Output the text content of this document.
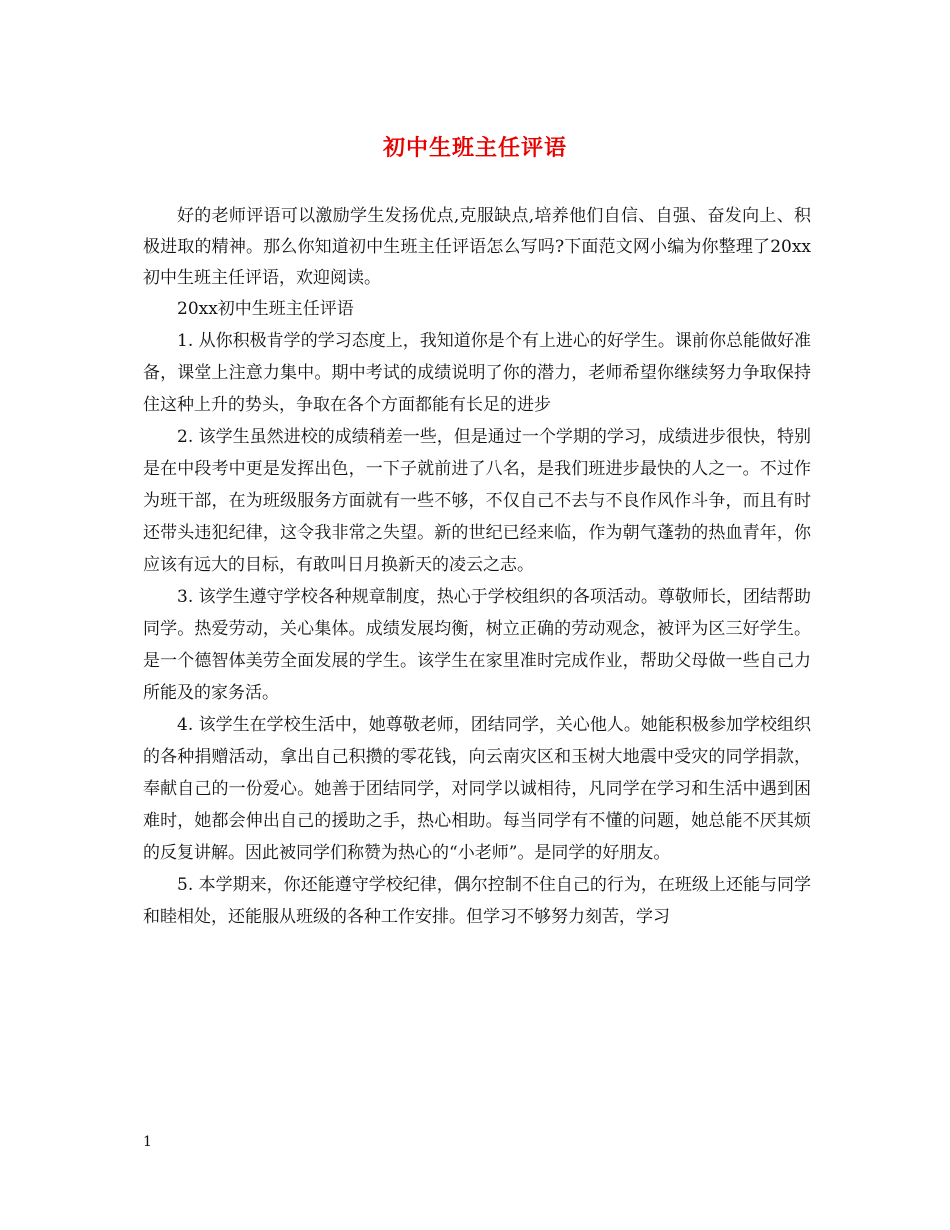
初中生班主任评语

好的老师评语可以激励学生发扬优点,克服缺点,培养他们自信、自强、奋发向上、积极进取的精神。那么你知道初中生班主任评语怎么写吗?下面范文网小编为你整理了20xx初中生班主任评语，欢迎阅读。

20xx初中生班主任评语

1. 从你积极肯学的学习态度上，我知道你是个有上进心的好学生。课前你总能做好准备，课堂上注意力集中。期中考试的成绩说明了你的潜力，老师希望你继续努力争取保持住这种上升的势头，争取在各个方面都能有长足的进步

2. 该学生虽然进校的成绩稍差一些，但是通过一个学期的学习，成绩进步很快，特别是在中段考中更是发挥出色，一下子就前进了八名，是我们班进步最快的人之一。不过作为班干部，在为班级服务方面就有一些不够，不仅自己不去与不良作风作斗争，而且有时还带头违犯纪律，这令我非常之失望。新的世纪已经来临，作为朝气蓬勃的热血青年，你应该有远大的目标，有敢叫日月换新天的凌云之志。

3. 该学生遵守学校各种规章制度，热心于学校组织的各项活动。尊敬师长，团结帮助同学。热爱劳动，关心集体。成绩发展均衡，树立正确的劳动观念，被评为区三好学生。是一个德智体美劳全面发展的学生。该学生在家里准时完成作业，帮助父母做一些自己力所能及的家务活。

4. 该学生在学校生活中，她尊敬老师，团结同学，关心他人。她能积极参加学校组织的各种捐赠活动，拿出自己积攒的零花钱，向云南灾区和玉树大地震中受灾的同学捐款，奉献自己的一份爱心。她善于团结同学，对同学以诚相待，凡同学在学习和生活中遇到困难时，她都会伸出自己的援助之手，热心相助。每当同学有不懂的问题，她总能不厌其烦的反复讲解。因此被同学们称赞为热心的“小老师”。是同学的好朋友。

5. 本学期来，你还能遵守学校纪律，偶尔控制不住自己的行为，在班级上还能与同学和睦相处，还能服从班级的各种工作安排。但学习不够努力刻苦，学习

1
